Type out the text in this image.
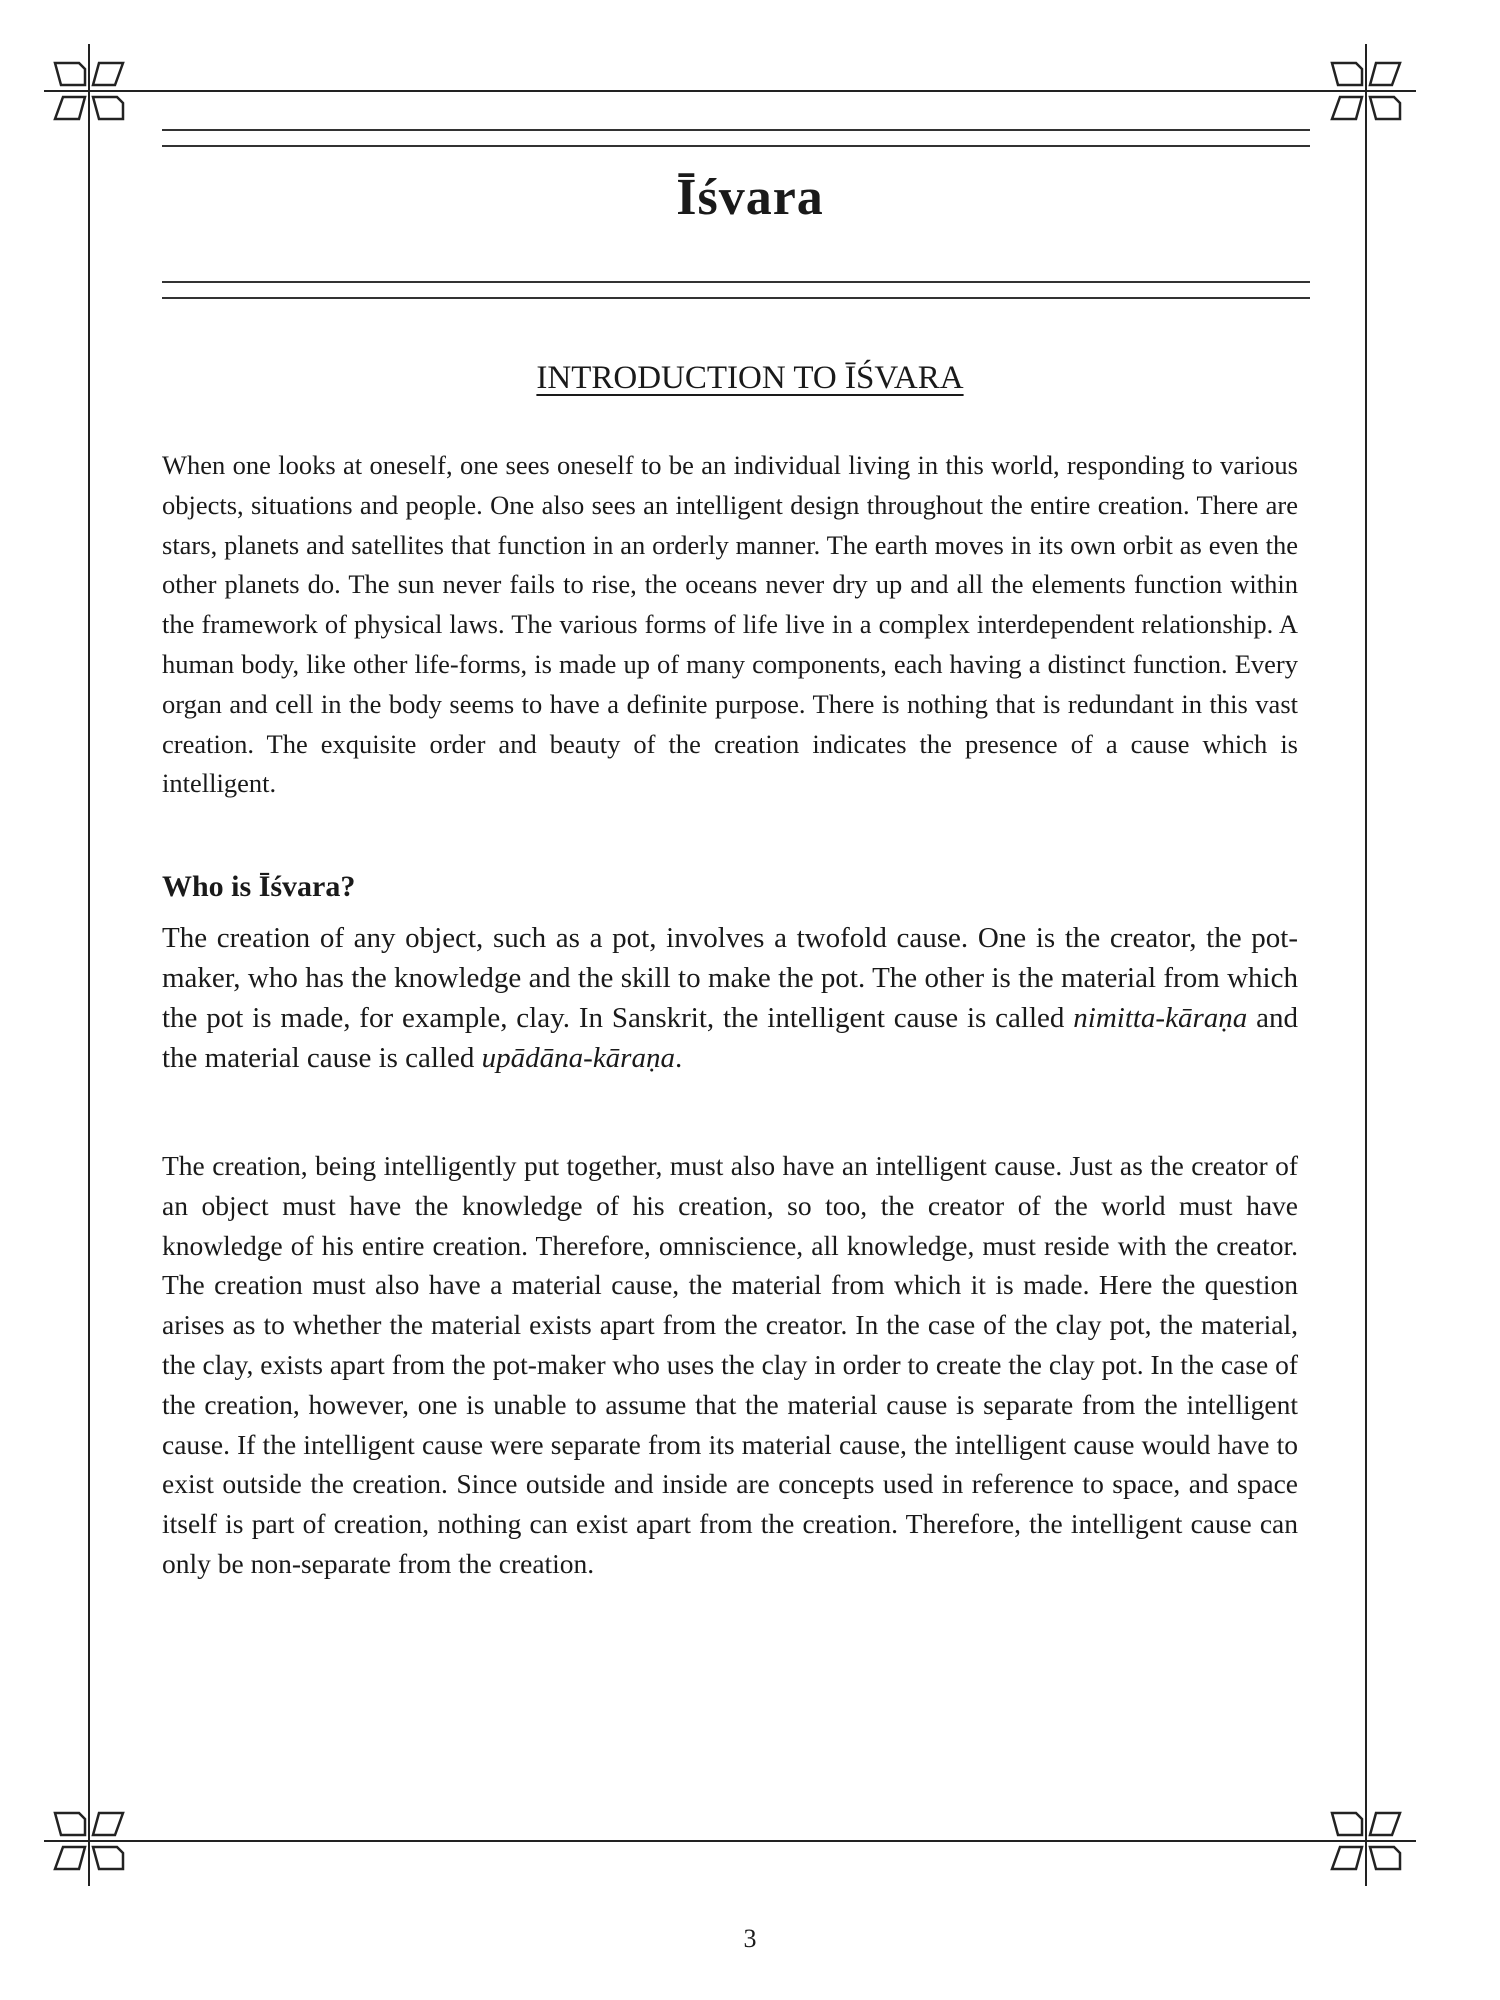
Īśvara
INTRODUCTION TO ĪŚVARA

When one looks at oneself, one sees oneself to be an individual living in this world, responding to various objects, situations and people. One also sees an intelligent design throughout the entire creation. There are stars, planets and satellites that function in an orderly manner. The earth moves in its own orbit as even the other planets do. The sun never fails to rise, the oceans never dry up and all the elements function within the framework of physical laws. The various forms of life live in a complex interdependent relationship. A human body, like other life-forms, is made up of many components, each having a distinct function. Every organ and cell in the body seems to have a definite purpose. There is nothing that is redundant in this vast creation. The exquisite order and beauty of the creation indicates the presence of a cause which is intelligent.

Who is Īśvara?

The creation of any object, such as a pot, involves a twofold cause. One is the creator, the pot-maker, who has the knowledge and the skill to make the pot. The other is the material from which the pot is made, for example, clay. In Sanskrit, the intelligent cause is called nimitta-kāraṇa and the material cause is called upādāna-kāraṇa.

The creation, being intelligently put together, must also have an intelligent cause. Just as the creator of an object must have the knowledge of his creation, so too, the creator of the world must have knowledge of his entire creation. Therefore, omniscience, all knowledge, must reside with the creator. The creation must also have a material cause, the material from which it is made. Here the question arises as to whether the material exists apart from the creator. In the case of the clay pot, the material, the clay, exists apart from the pot-maker who uses the clay in order to create the clay pot. In the case of the creation, however, one is unable to assume that the material cause is separate from the intelligent cause. If the intelligent cause were separate from its material cause, the intelligent cause would have to exist outside the creation. Since outside and inside are concepts used in reference to space, and space itself is part of creation, nothing can exist apart from the creation. Therefore, the intelligent cause can only be non-separate from the creation.

3
